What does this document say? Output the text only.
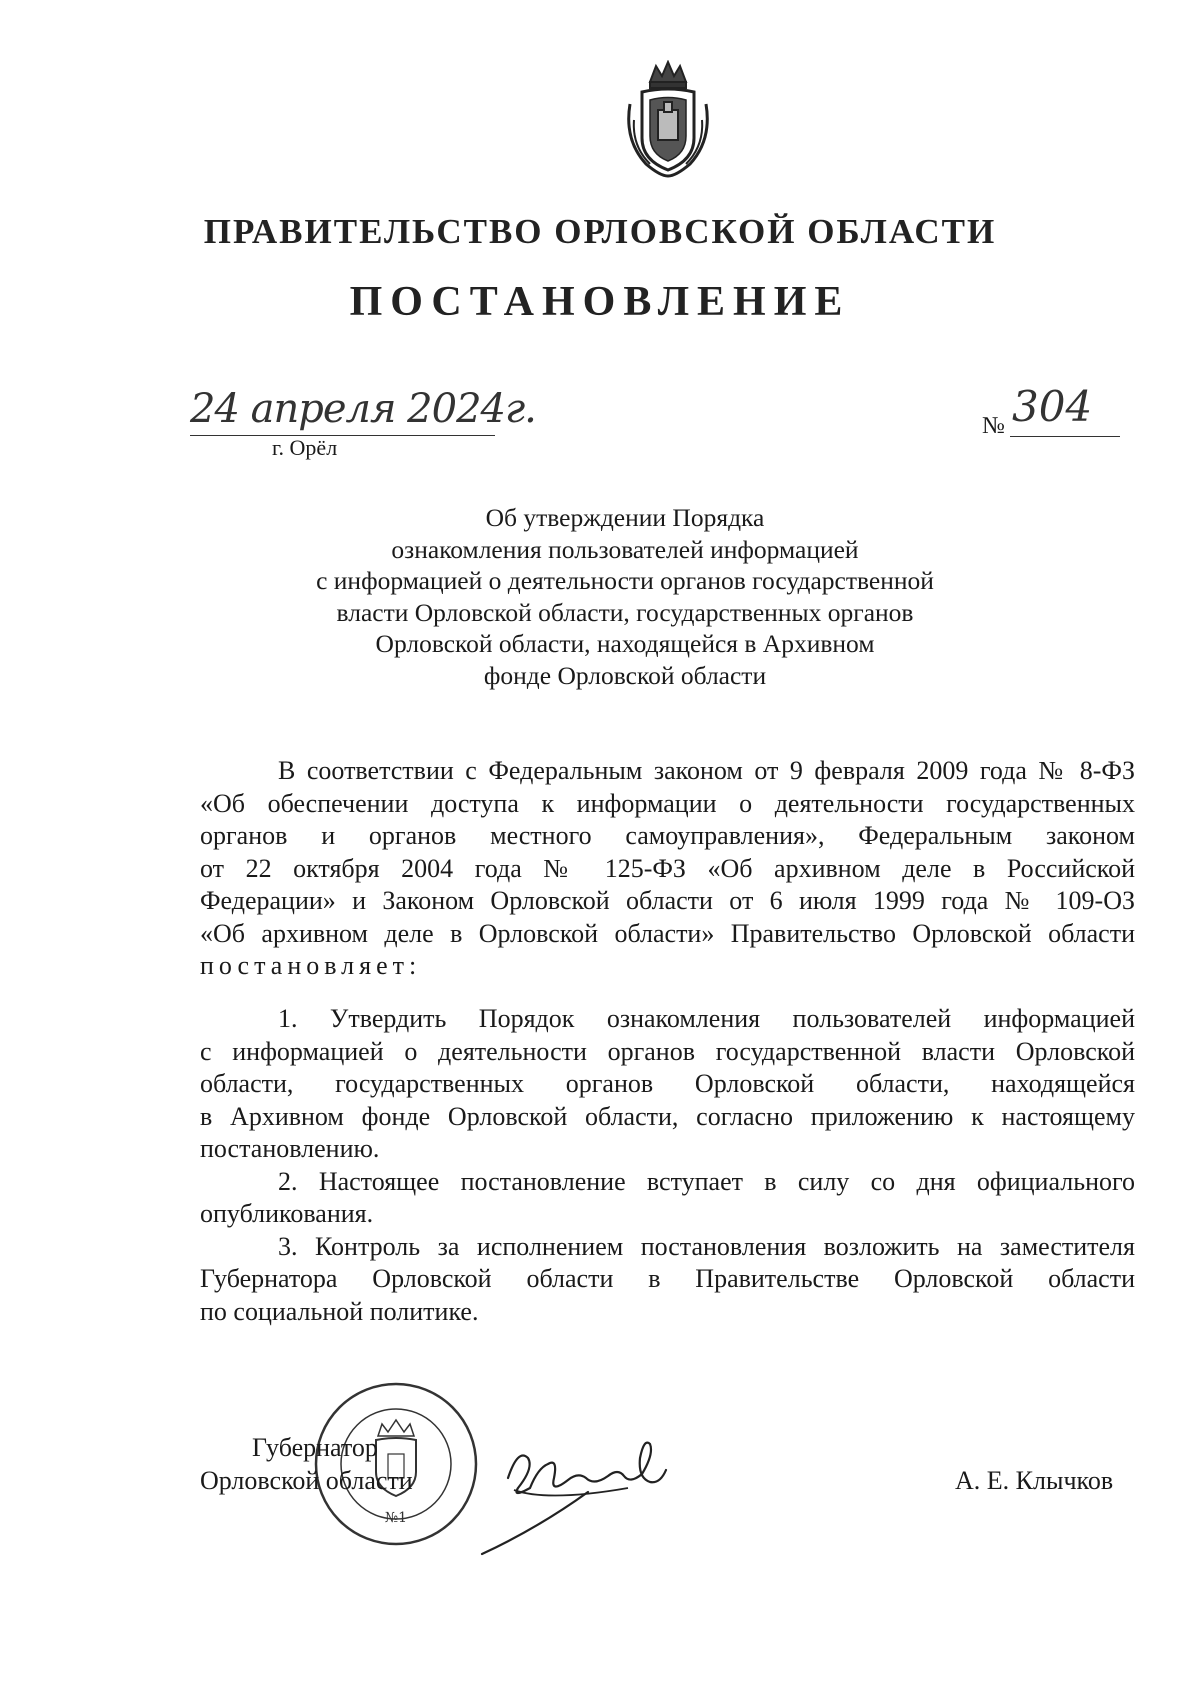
ПРАВИТЕЛЬСТВО ОРЛОВСКОЙ ОБЛАСТИ
ПОСТАНОВЛЕНИЕ
24 апреля 2024г.
г. Орёл
№ 304
Об утверждении Порядка
ознакомления пользователей информацией
с информацией о деятельности органов государственной
власти Орловской области, государственных органов
Орловской области, находящейся в Архивном
фонде Орловской области
В соответствии с Федеральным законом от 9 февраля 2009 года № 8-ФЗ
«Об обеспечении доступа к информации о деятельности государственных
органов и органов местного самоуправления», Федеральным законом
от 22 октября 2004 года № 125-ФЗ «Об архивном деле в Российской
Федерации» и Законом Орловской области от 6 июля 1999 года № 109-ОЗ
«Об архивном деле в Орловской области» Правительство Орловской области
постановляет:
1. Утвердить Порядок ознакомления пользователей информацией
с информацией о деятельности органов государственной власти Орловской
области, государственных органов Орловской области, находящейся
в Архивном фонде Орловской области, согласно приложению к настоящему
постановлению.
2. Настоящее постановление вступает в силу со дня официального
опубликования.
3. Контроль за исполнением постановления возложить на заместителя
Губернатора Орловской области в Правительстве Орловской области
по социальной политике.
№1
Губернатор
Орловской области	А. Е. Клычков
